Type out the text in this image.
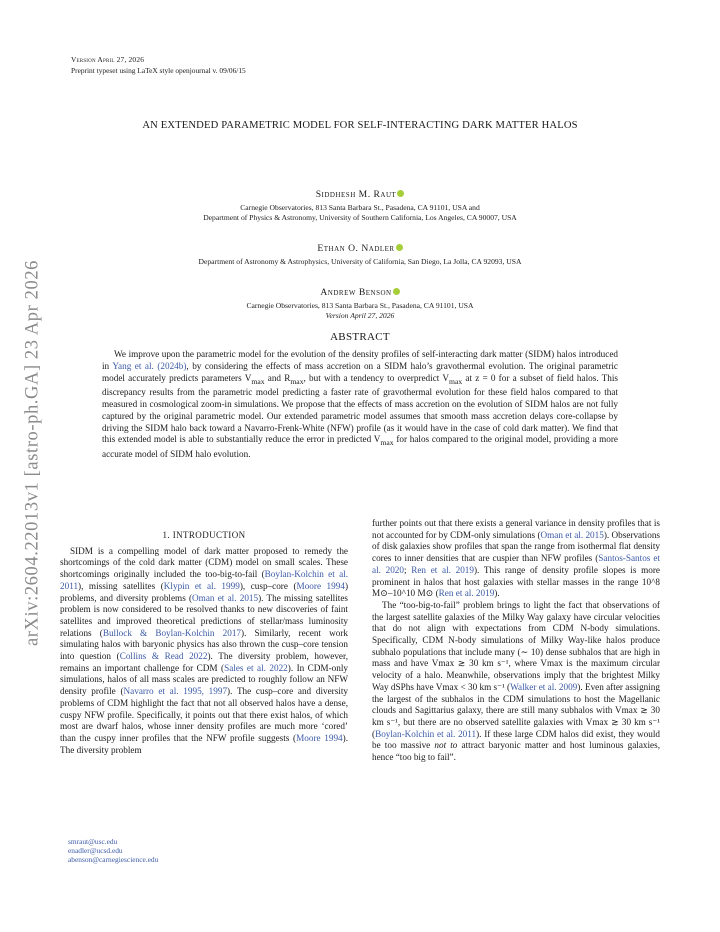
Version April 27, 2026
Preprint typeset using LaTeX style openjournal v. 09/06/15
arXiv:2604.22013v1 [astro-ph.GA] 23 Apr 2026
AN EXTENDED PARAMETRIC MODEL FOR SELF-INTERACTING DARK MATTER HALOS
Siddhesh M. Raut
Carnegie Observatories, 813 Santa Barbara St., Pasadena, CA 91101, USA and
Department of Physics & Astronomy, University of Southern California, Los Angeles, CA 90007, USA
Ethan O. Nadler
Department of Astronomy & Astrophysics, University of California, San Diego, La Jolla, CA 92093, USA
Andrew Benson
Carnegie Observatories, 813 Santa Barbara St., Pasadena, CA 91101, USA
Version April 27, 2026
ABSTRACT
We improve upon the parametric model for the evolution of the density profiles of self-interacting dark matter (SIDM) halos introduced in Yang et al. (2024b), by considering the effects of mass accretion on a SIDM halo’s gravothermal evolution. The original parametric model accurately predicts parameters $V_{max}$ and $R_{max}$, but with a tendency to overpredict $V_{max}$ at z = 0 for a subset of field halos. This discrepancy results from the parametric model predicting a faster rate of gravothermal evolution for these field halos compared to that measured in cosmological zoom-in simulations. We propose that the effects of mass accretion on the evolution of SIDM halos are not fully captured by the original parametric model. Our extended parametric model assumes that smooth mass accretion delays core-collapse by driving the SIDM halo back toward a Navarro-Frenk-White (NFW) profile (as it would have in the case of cold dark matter). We find that this extended model is able to substantially reduce the error in predicted $V_{max}$ for halos compared to the original model, providing a more accurate model of SIDM halo evolution.
1. INTRODUCTION

SIDM is a compelling model of dark matter proposed to remedy the shortcomings of the cold dark matter (CDM) model on small scales. These shortcomings originally included the too-big-to-fail (Boylan-Kolchin et al. 2011), missing satellites (Klypin et al. 1999), cusp–core (Moore 1994) problems, and diversity problems (Oman et al. 2015). The missing satellites problem is now considered to be resolved thanks to new discoveries of faint satellites and improved theoretical predictions of stellar/mass luminosity relations (Bullock & Boylan-Kolchin 2017). Similarly, recent work simulating halos with baryonic physics has also thrown the cusp–core tension into question (Collins & Read 2022). The diversity problem, however, remains an important challenge for CDM (Sales et al. 2022). In CDM-only simulations, halos of all mass scales are predicted to roughly follow an NFW density profile (Navarro et al. 1995, 1997). The cusp–core and diversity problems of CDM highlight the fact that not all observed halos have a dense, cuspy NFW profile. Specifically, it points out that there exist halos, of which most are dwarf halos, whose inner density profiles are much more ‘cored’ than the cuspy inner profiles that the NFW profile suggests (Moore 1994). The diversity problem

further points out that there exists a general variance in density profiles that is not accounted for by CDM-only simulations (Oman et al. 2015). Observations of disk galaxies show profiles that span the range from isothermal flat density cores to inner densities that are cuspier than NFW profiles (Santos-Santos et al. 2020; Ren et al. 2019). This range of density profile slopes is more prominent in halos that host galaxies with stellar masses in the range 10^8 M⊙–10^10 M⊙ (Ren et al. 2019).

The “too-big-to-fail” problem brings to light the fact that observations of the largest satellite galaxies of the Milky Way galaxy have circular velocities that do not align with expectations from CDM N-body simulations. Specifically, CDM N-body simulations of Milky Way-like halos produce subhalo populations that include many (∼ 10) dense subhalos that are high in mass and have Vmax ≳ 30 km s⁻¹, where Vmax is the maximum circular velocity of a halo. Meanwhile, observations imply that the brightest Milky Way dSPhs have Vmax < 30 km s⁻¹ (Walker et al. 2009). Even after assigning the largest of the subhalos in the CDM simulations to host the Magellanic clouds and Sagittarius galaxy, there are still many subhalos with Vmax ≳ 30 km s⁻¹, but there are no observed satellite galaxies with Vmax ≳ 30 km s⁻¹ (Boylan-Kolchin et al. 2011). If these large CDM halos did exist, they would be too massive not to attract baryonic matter and host luminous galaxies, hence “too big to fail”.

smraut@usc.edu
enadler@ucsd.edu
abenson@carnegiescience.edu
